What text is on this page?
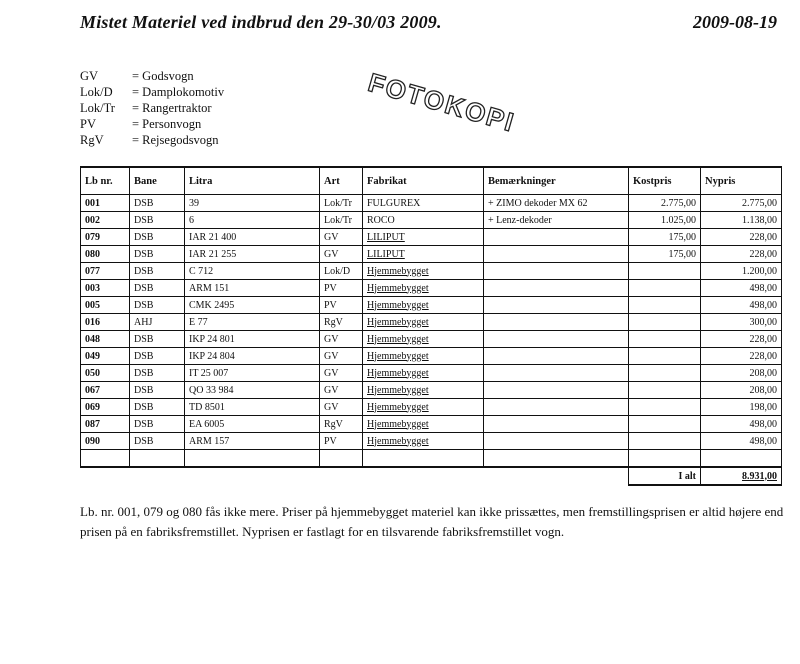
Mistet Materiel ved indbrud den 29-30/03 2009.	2009-08-19
GV	= Godsvogn
Lok/D	= Damplokomotiv
Lok/Tr	= Rangertraktor
PV	= Personvogn
RgV	= Rejsegodsvogn
FOTOKOPI
Lb nr.	Bane	Litra	Art	Fabrikat	Bemærkninger	Kostpris	Nypris
001	DSB	39	Lok/Tr	FULGUREX	+ ZIMO dekoder MX 62	2.775,00	2.775,00
002	DSB	6	Lok/Tr	ROCO	+ Lenz-dekoder	1.025,00	1.138,00
079	DSB	IAR 21 400	GV	LILIPUT		175,00	228,00
080	DSB	IAR 21 255	GV	LILIPUT		175,00	228,00
077	DSB	C 712	Lok/D	Hjemmebygget			1.200,00
003	DSB	ARM 151	PV	Hjemmebygget			498,00
005	DSB	CMK 2495	PV	Hjemmebygget			498,00
016	AHJ	E 77	RgV	Hjemmebygget			300,00
048	DSB	IKP 24 801	GV	Hjemmebygget			228,00
049	DSB	IKP 24 804	GV	Hjemmebygget			228,00
050	DSB	IT 25 007	GV	Hjemmebygget			208,00
067	DSB	QO 33 984	GV	Hjemmebygget			208,00
069	DSB	TD 8501	GV	Hjemmebygget			198,00
087	DSB	EA 6005	RgV	Hjemmebygget			498,00
090	DSB	ARM 157	PV	Hjemmebygget			498,00

						I alt	8.931,00
Lb. nr. 001, 079 og 080 fås ikke mere. Priser på hjemmebygget materiel kan ikke prissættes, men fremstillingsprisen er altid højere end prisen på en fabriksfremstillet. Nyprisen er fastlagt for en tilsvarende fabriksfremstillet vogn.
